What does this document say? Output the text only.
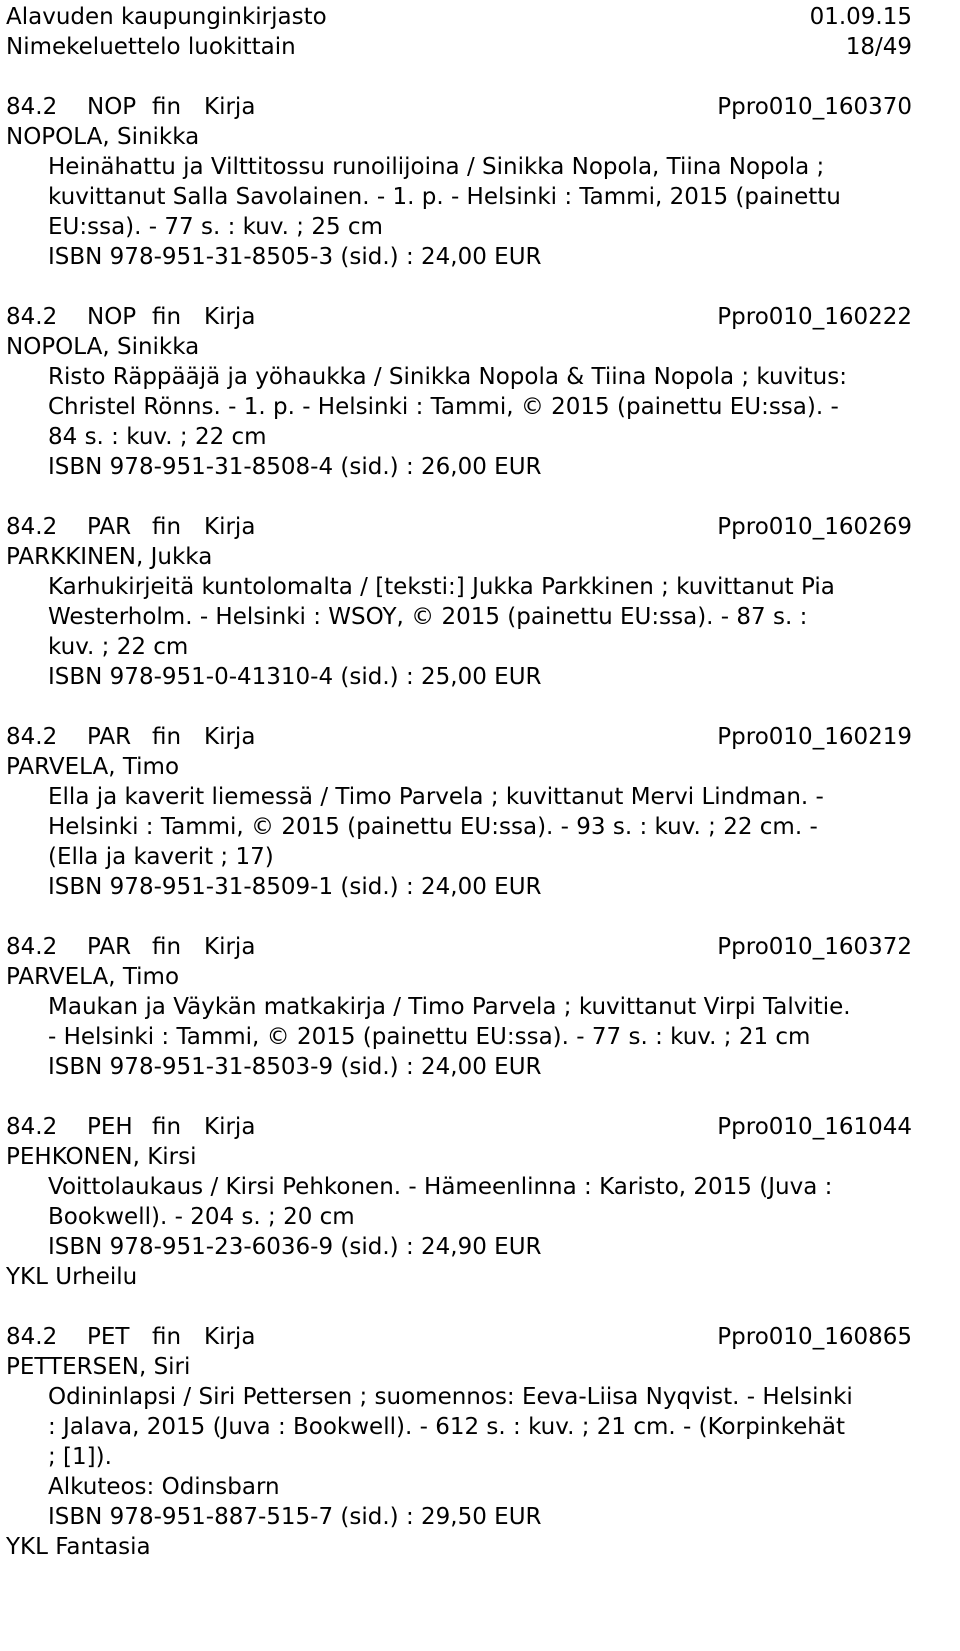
Alavuden kaupunginkirjasto	01.09.15
Nimekeluettelo luokittain	18/49
84.2 NOP fin Kirja	Ppro010_160370
NOPOLA, Sinikka
Heinähattu ja Vilttitossu runoilijoina / Sinikka Nopola, Tiina Nopola ;
kuvittanut Salla Savolainen. - 1. p. - Helsinki : Tammi, 2015 (painettu
EU:ssa). - 77 s. : kuv. ; 25 cm
ISBN 978-951-31-8505-3 (sid.) : 24,00 EUR
84.2 NOP fin Kirja	Ppro010_160222
NOPOLA, Sinikka
Risto Räppääjä ja yöhaukka / Sinikka Nopola & Tiina Nopola ; kuvitus:
Christel Rönns. - 1. p. - Helsinki : Tammi, © 2015 (painettu EU:ssa). -
84 s. : kuv. ; 22 cm
ISBN 978-951-31-8508-4 (sid.) : 26,00 EUR
84.2 PAR fin Kirja	Ppro010_160269
PARKKINEN, Jukka
Karhukirjeitä kuntolomalta / [teksti:] Jukka Parkkinen ; kuvittanut Pia
Westerholm. - Helsinki : WSOY, © 2015 (painettu EU:ssa). - 87 s. :
kuv. ; 22 cm
ISBN 978-951-0-41310-4 (sid.) : 25,00 EUR
84.2 PAR fin Kirja	Ppro010_160219
PARVELA, Timo
Ella ja kaverit liemessä / Timo Parvela ; kuvittanut Mervi Lindman. -
Helsinki : Tammi, © 2015 (painettu EU:ssa). - 93 s. : kuv. ; 22 cm. -
(Ella ja kaverit ; 17)
ISBN 978-951-31-8509-1 (sid.) : 24,00 EUR
84.2 PAR fin Kirja	Ppro010_160372
PARVELA, Timo
Maukan ja Väykän matkakirja / Timo Parvela ; kuvittanut Virpi Talvitie.
- Helsinki : Tammi, © 2015 (painettu EU:ssa). - 77 s. : kuv. ; 21 cm
ISBN 978-951-31-8503-9 (sid.) : 24,00 EUR
84.2 PEH fin Kirja	Ppro010_161044
PEHKONEN, Kirsi
Voittolaukaus / Kirsi Pehkonen. - Hämeenlinna : Karisto, 2015 (Juva :
Bookwell). - 204 s. ; 20 cm
ISBN 978-951-23-6036-9 (sid.) : 24,90 EUR
YKL Urheilu
84.2 PET fin Kirja	Ppro010_160865
PETTERSEN, Siri
Odininlapsi / Siri Pettersen ; suomennos: Eeva-Liisa Nyqvist. - Helsinki
: Jalava, 2015 (Juva : Bookwell). - 612 s. : kuv. ; 21 cm. - (Korpinkehät
; [1]).
Alkuteos: Odinsbarn
ISBN 978-951-887-515-7 (sid.) : 29,50 EUR
YKL Fantasia
